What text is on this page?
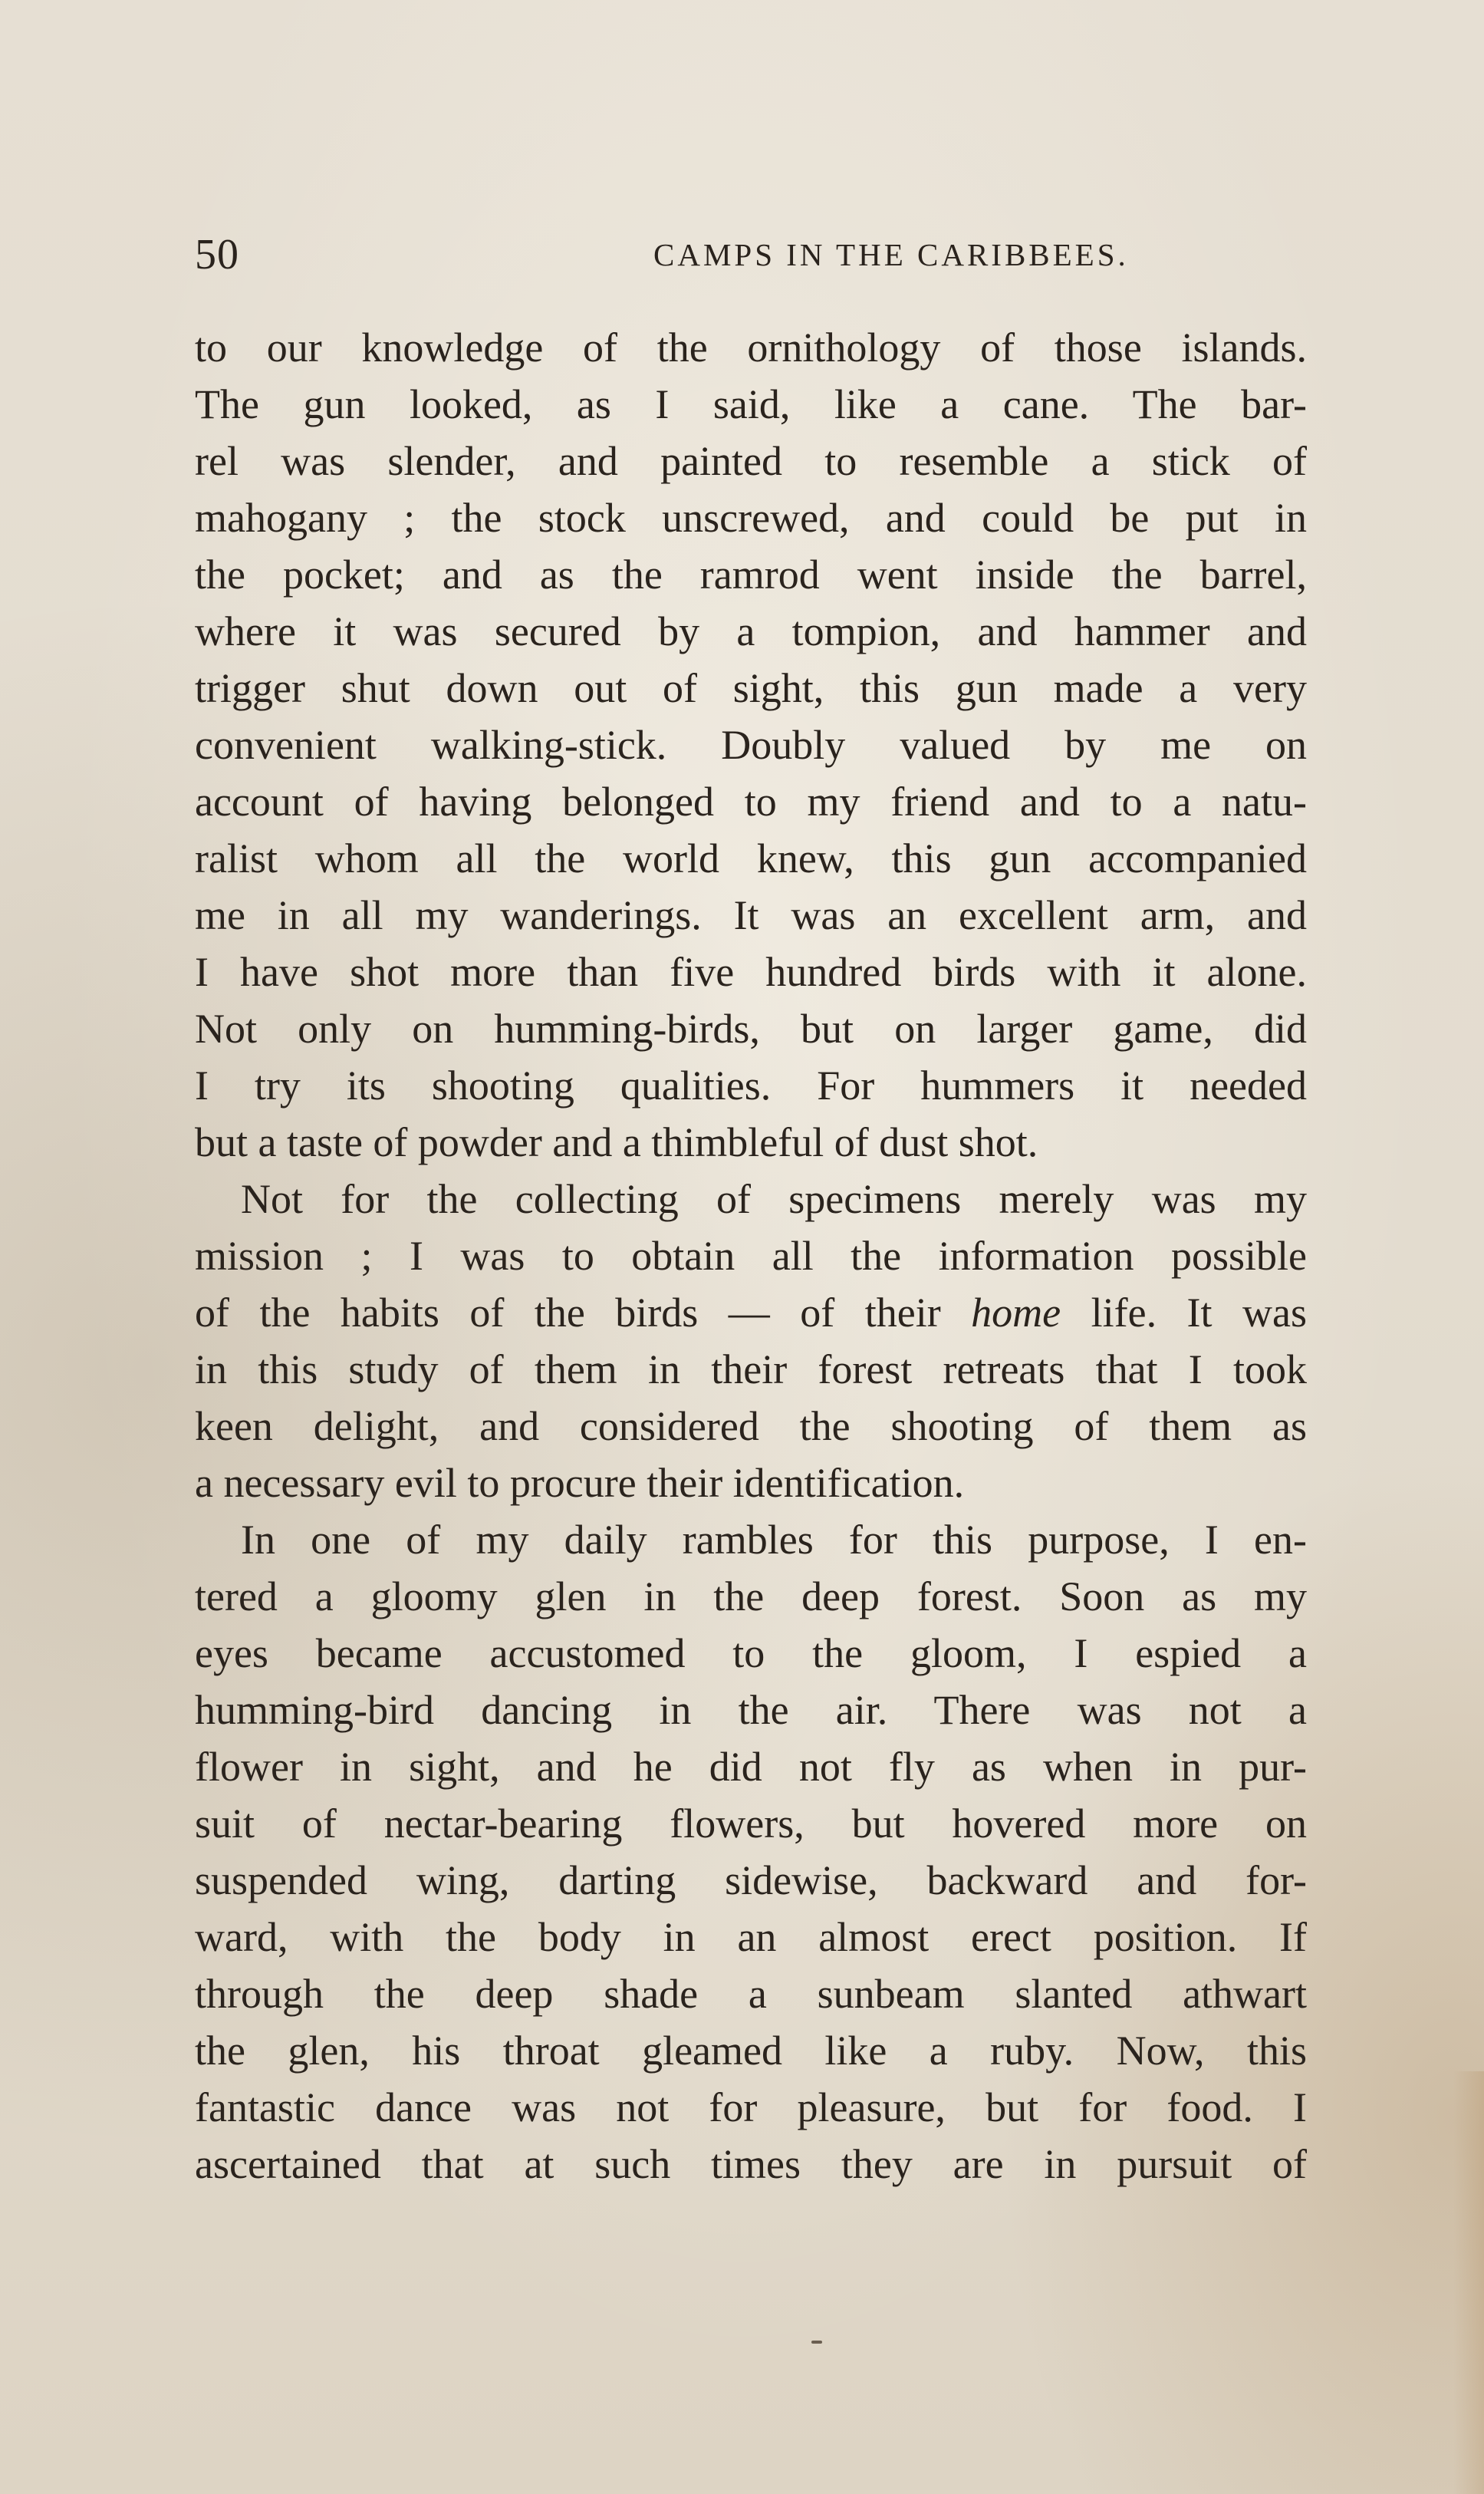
50	CAMPS IN THE CARIBBEES.
to our knowledge of the ornithology of those islands.
The gun looked, as I said, like a cane. The bar-
rel was slender, and painted to resemble a stick of
mahogany ; the stock unscrewed, and could be put in
the pocket; and as the ramrod went inside the barrel,
where it was secured by a tompion, and hammer and
trigger shut down out of sight, this gun made a very
convenient walking-stick. Doubly valued by me on
account of having belonged to my friend and to a natu-
ralist whom all the world knew, this gun accompanied
me in all my wanderings. It was an excellent arm, and
I have shot more than five hundred birds with it alone.
Not only on humming-birds, but on larger game, did
I try its shooting qualities. For hummers it needed
but a taste of powder and a thimbleful of dust shot.
Not for the collecting of specimens merely was my
mission ; I was to obtain all the information possible
of the habits of the birds — of their home life. It was
in this study of them in their forest retreats that I took
keen delight, and considered the shooting of them as
a necessary evil to procure their identification.
In one of my daily rambles for this purpose, I en-
tered a gloomy glen in the deep forest. Soon as my
eyes became accustomed to the gloom, I espied a
humming-bird dancing in the air. There was not a
flower in sight, and he did not fly as when in pur-
suit of nectar-bearing flowers, but hovered more on
suspended wing, darting sidewise, backward and for-
ward, with the body in an almost erect position. If
through the deep shade a sunbeam slanted athwart
the glen, his throat gleamed like a ruby. Now, this
fantastic dance was not for pleasure, but for food. I
ascertained that at such times they are in pursuit of
